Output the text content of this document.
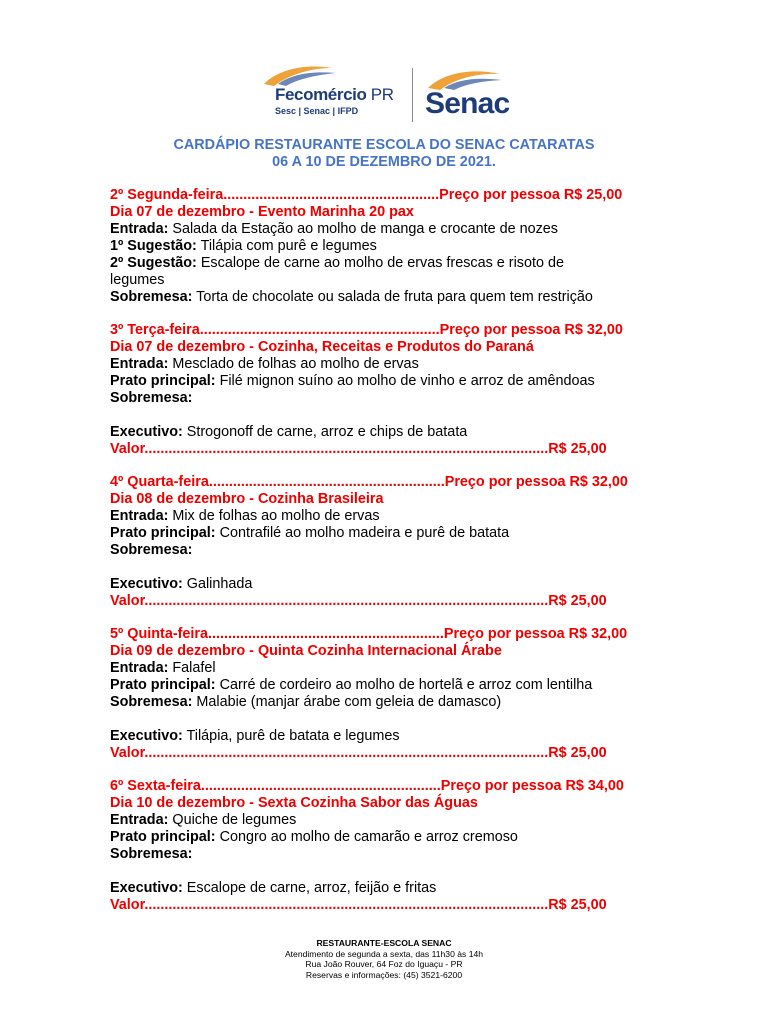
Fecomércio PR
Sesc | Senac | IFPD Senac
CARDÁPIO RESTAURANTE ESCOLA DO SENAC CATARATAS
06 A 10 DE DEZEMBRO DE 2021.
2º Segunda-feira......................................................Preço por pessoa R$ 25,00
Dia 07 de dezembro - Evento Marinha 20 pax
Entrada: Salada da Estação ao molho de manga e crocante de nozes
1º Sugestão: Tilápia com purê e legumes
2º Sugestão: Escalope de carne ao molho de ervas frescas e risoto de
legumes
Sobremesa: Torta de chocolate ou salada de fruta para quem tem restrição
3º Terça-feira............................................................Preço por pessoa R$ 32,00
Dia 07 de dezembro - Cozinha, Receitas e Produtos do Paraná
Entrada: Mesclado de folhas ao molho de ervas
Prato principal: Filé mignon suíno ao molho de vinho e arroz de amêndoas
Sobremesa:
Executivo: Strogonoff de carne, arroz e chips de batata
Valor.....................................................................................................R$ 25,00
4º Quarta-feira...........................................................Preço por pessoa R$ 32,00
Dia 08 de dezembro - Cozinha Brasileira
Entrada: Mix de folhas ao molho de ervas
Prato principal: Contrafilé ao molho madeira e purê de batata
Sobremesa:
Executivo: Galinhada
Valor.....................................................................................................R$ 25,00
5º Quinta-feira...........................................................Preço por pessoa R$ 32,00
Dia 09 de dezembro - Quinta Cozinha Internacional Árabe
Entrada: Falafel
Prato principal: Carré de cordeiro ao molho de hortelã e arroz com lentilha
Sobremesa: Malabie (manjar árabe com geleia de damasco)
Executivo: Tilápia, purê de batata e legumes
Valor.....................................................................................................R$ 25,00
6º Sexta-feira............................................................Preço por pessoa R$ 34,00
Dia 10 de dezembro - Sexta Cozinha Sabor das Águas
Entrada: Quiche de legumes
Prato principal: Congro ao molho de camarão e arroz cremoso
Sobremesa:
Executivo: Escalope de carne, arroz, feijão e fritas
Valor.....................................................................................................R$ 25,00
RESTAURANTE-ESCOLA SENAC
Atendimento de segunda a sexta, das 11h30 às 14h
Rua João Rouver, 64 Foz do Iguaçu - PR
Reservas e informações: (45) 3521-6200
